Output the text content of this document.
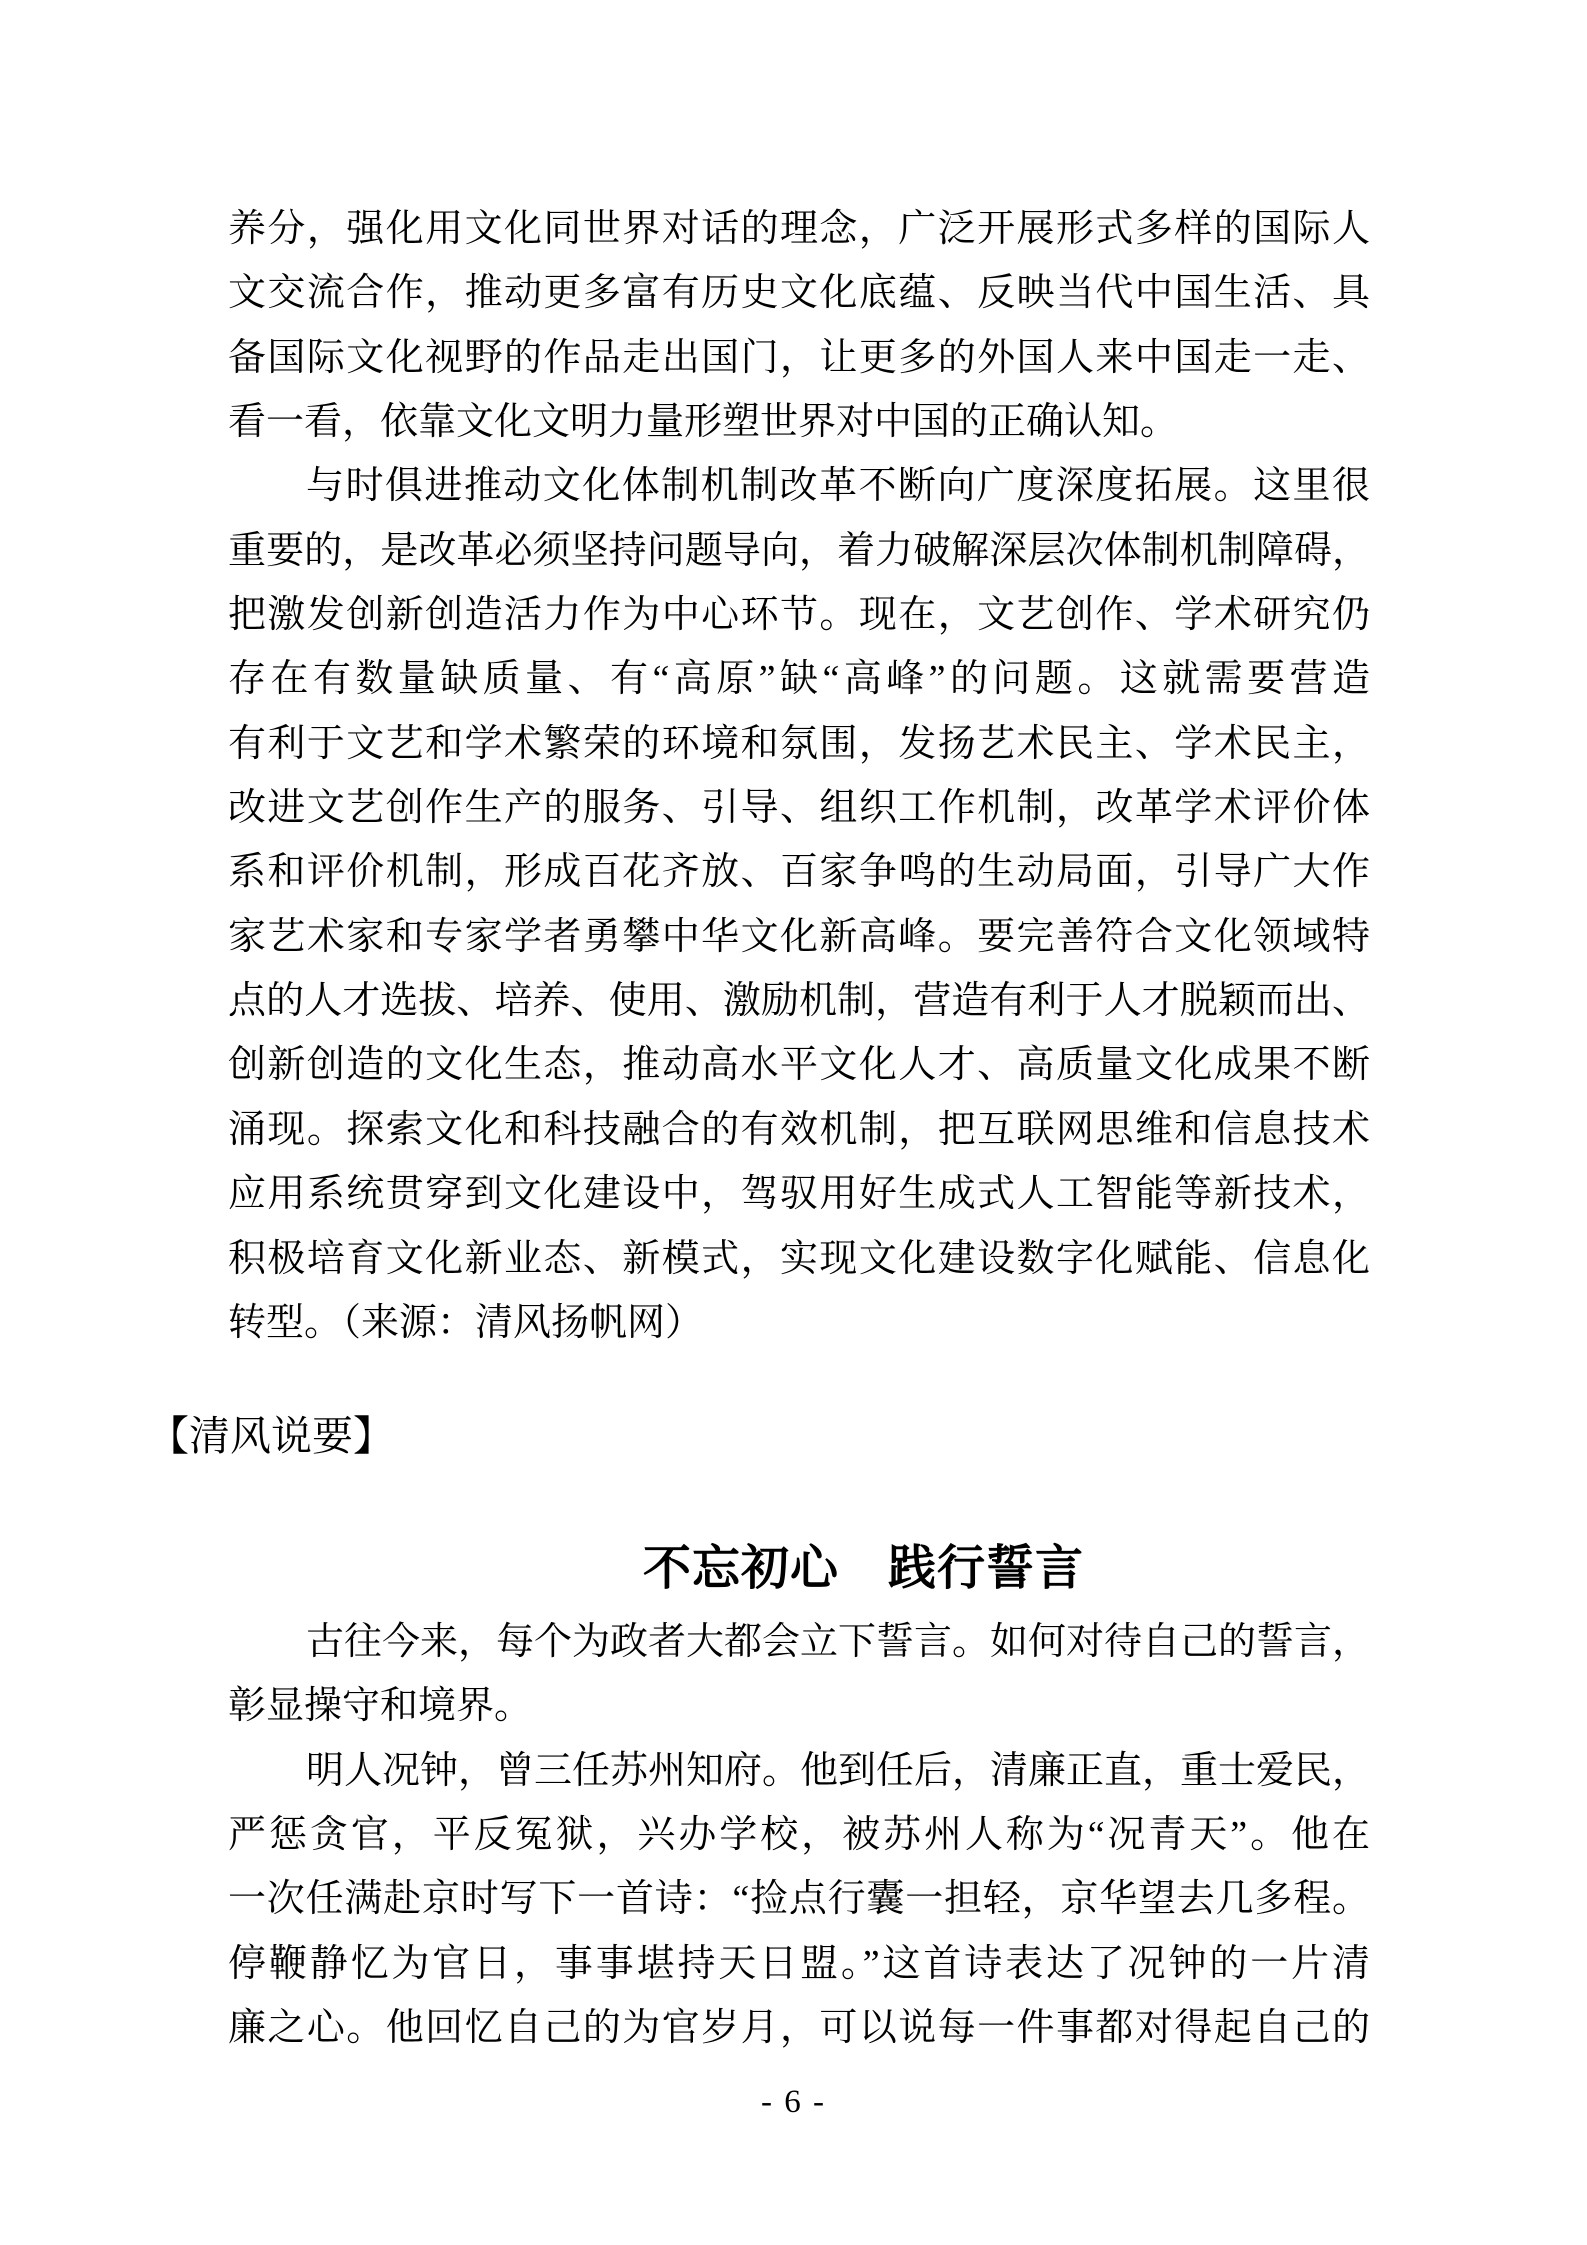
养分，强化用文化同世界对话的理念，广泛开展形式多样的国际人
文交流合作，推动更多富有历史文化底蕴、反映当代中国生活、具
备国际文化视野的作品走出国门，让更多的外国人来中国走一走、
看一看，依靠文化文明力量形塑世界对中国的正确认知。
与时俱进推动文化体制机制改革不断向广度深度拓展。这里很
重要的，是改革必须坚持问题导向，着力破解深层次体制机制障碍，
把激发创新创造活力作为中心环节。现在，文艺创作、学术研究仍
存在有数量缺质量、有“高原”缺“高峰”的问题。这就需要营造
有利于文艺和学术繁荣的环境和氛围，发扬艺术民主、学术民主，
改进文艺创作生产的服务、引导、组织工作机制，改革学术评价体
系和评价机制，形成百花齐放、百家争鸣的生动局面，引导广大作
家艺术家和专家学者勇攀中华文化新高峰。要完善符合文化领域特
点的人才选拔、培养、使用、激励机制，营造有利于人才脱颖而出、
创新创造的文化生态，推动高水平文化人才、高质量文化成果不断
涌现。探索文化和科技融合的有效机制，把互联网思维和信息技术
应用系统贯穿到文化建设中，驾驭用好生成式人工智能等新技术，
积极培育文化新业态、新模式，实现文化建设数字化赋能、信息化
转型。（来源：清风扬帆网）
【清风说要】
不忘初心　践行誓言
古往今来，每个为政者大都会立下誓言。如何对待自己的誓言，
彰显操守和境界。
明人况钟，曾三任苏州知府。他到任后，清廉正直，重士爱民，
严惩贪官，平反冤狱，兴办学校，被苏州人称为“况青天”。他在
一次任满赴京时写下一首诗：“捡点行囊一担轻，京华望去几多程。
停鞭静忆为官日，事事堪持天日盟。”这首诗表达了况钟的一片清
廉之心。他回忆自己的为官岁月，可以说每一件事都对得起自己的
- 6 -
